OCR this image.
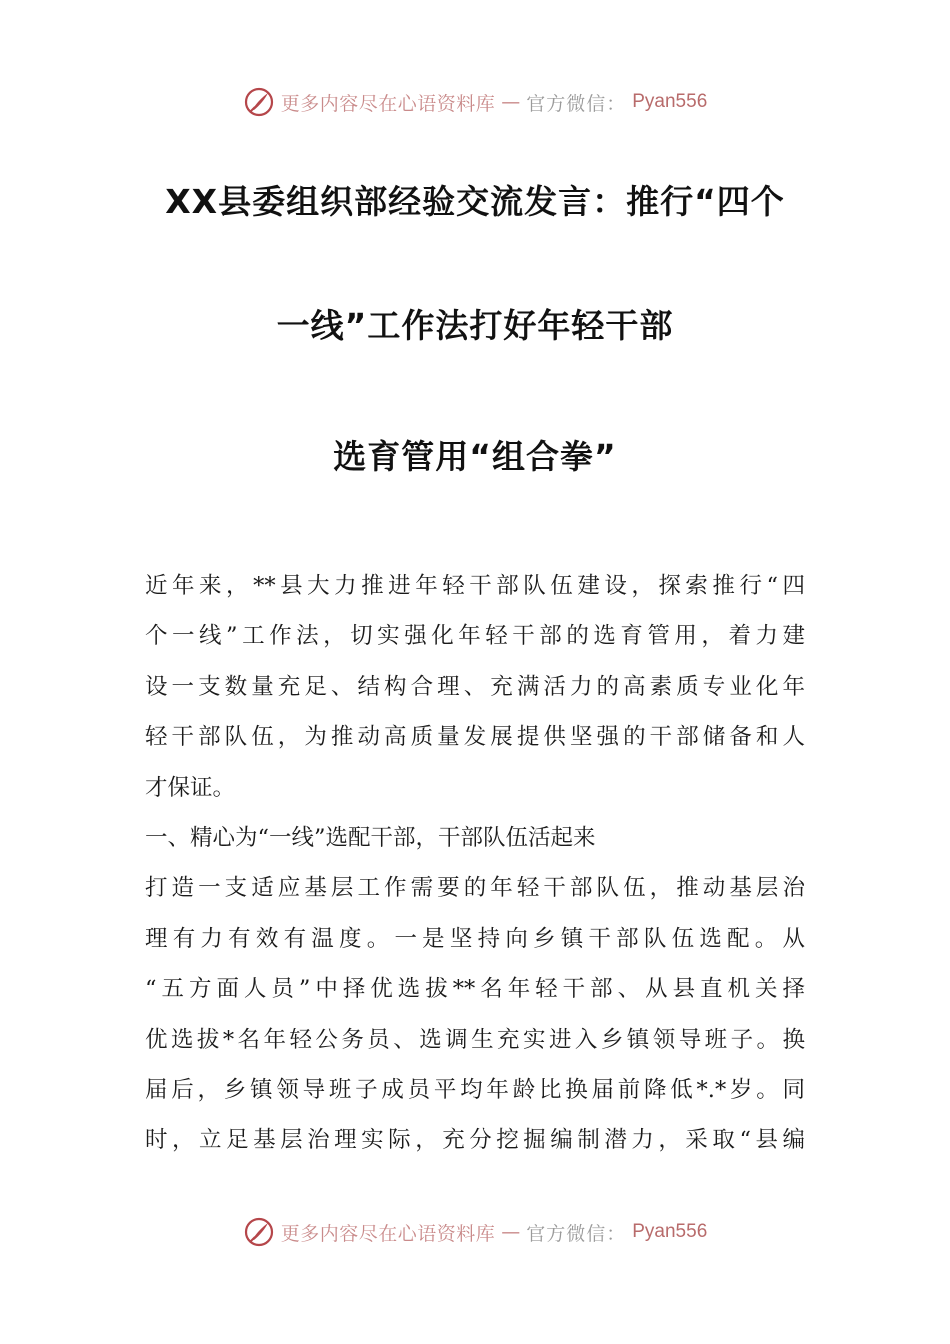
更多内容尽在心语资料库 — 官方微信： Pyan556
XX县委组织部经验交流发言：推行“四个
一线”工作法打好年轻干部
选育管用“组合拳”
近年来，**县大力推进年轻干部队伍建设，探索推行“四
个一线”工作法，切实强化年轻干部的选育管用，着力建
设一支数量充足、结构合理、充满活力的高素质专业化年
轻干部队伍，为推动高质量发展提供坚强的干部储备和人
才保证。
一、精心为“一线”选配干部，干部队伍活起来
打造一支适应基层工作需要的年轻干部队伍，推动基层治
理有力有效有温度。一是坚持向乡镇干部队伍选配。从
“五方面人员”中择优选拔**名年轻干部、从县直机关择
优选拔*名年轻公务员、选调生充实进入乡镇领导班子。换
届后，乡镇领导班子成员平均年龄比换届前降低*.*岁。同
时，立足基层治理实际，充分挖掘编制潜力，采取“县编
更多内容尽在心语资料库 — 官方微信： Pyan556
